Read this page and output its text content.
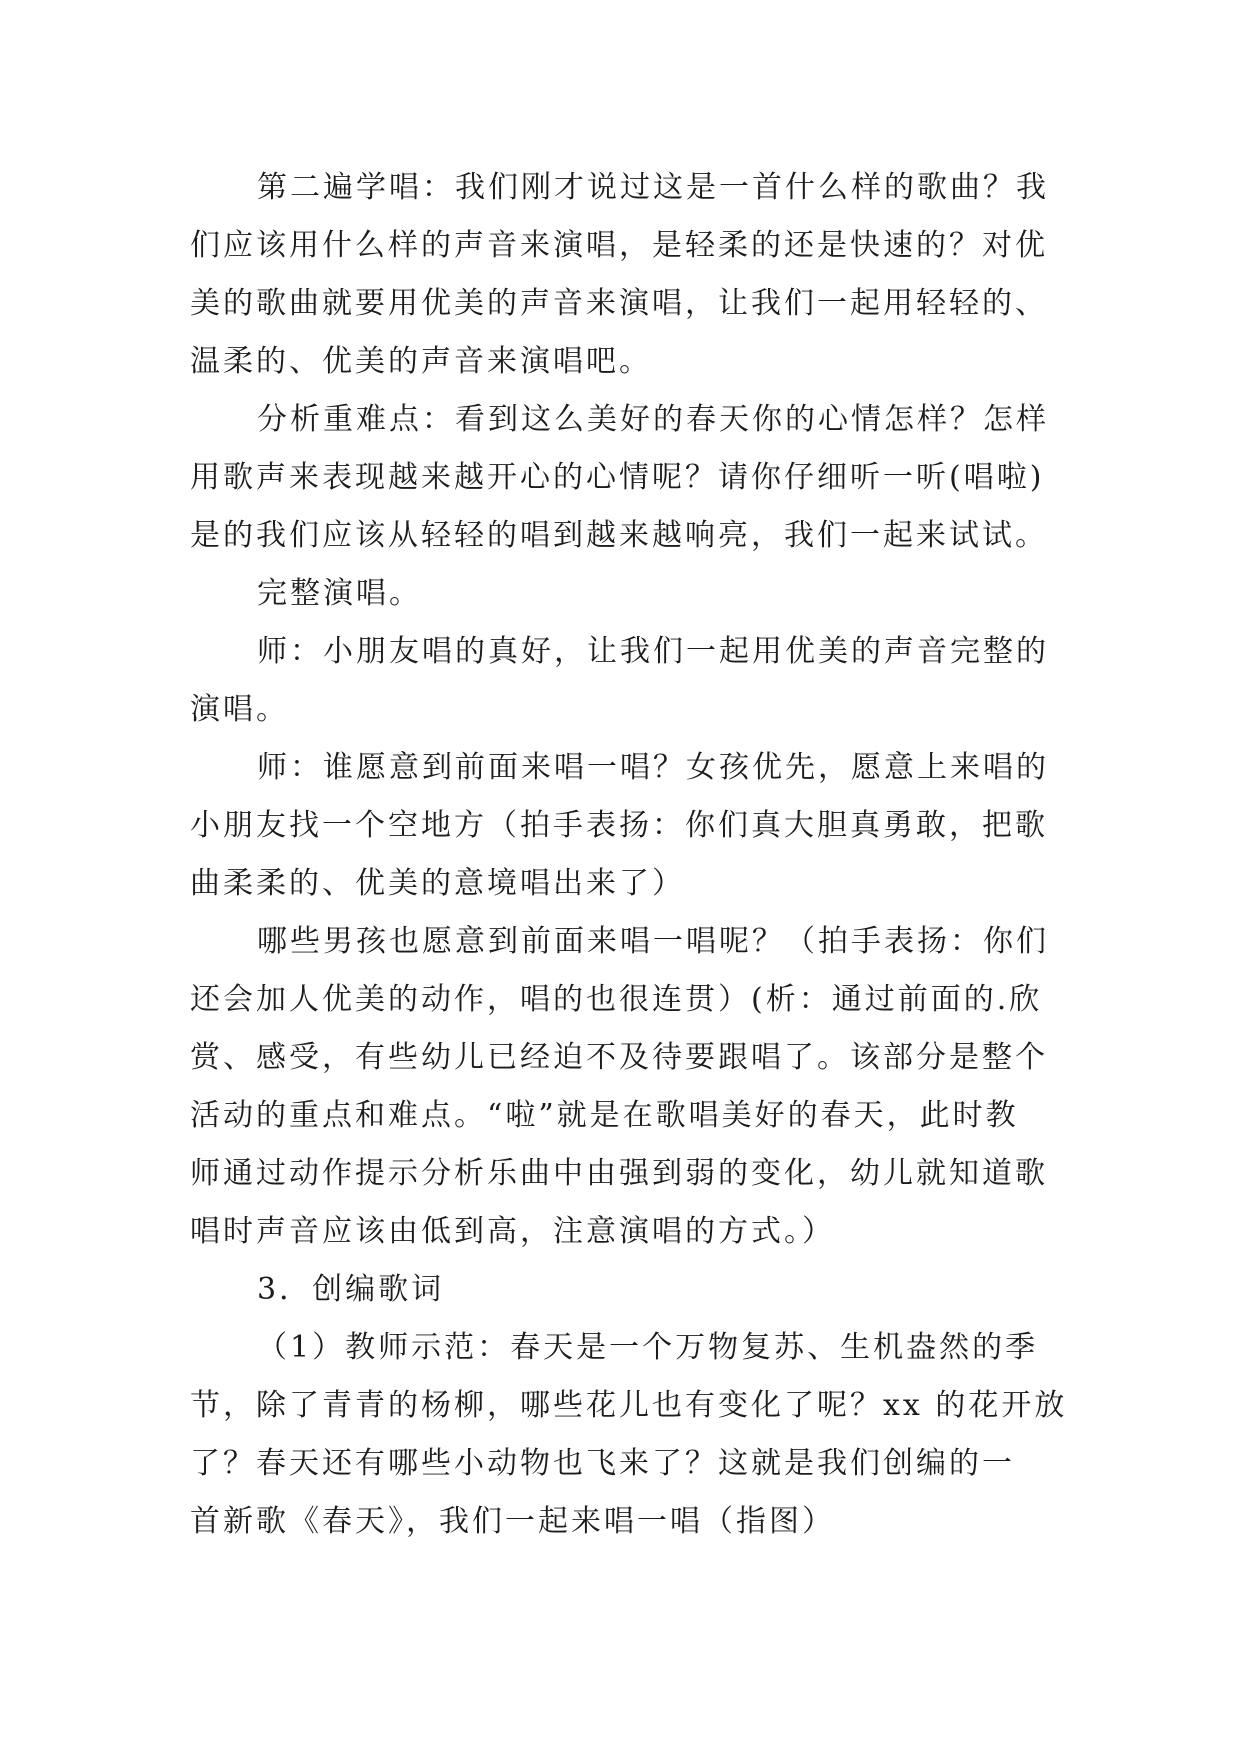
第二遍学唱：我们刚才说过这是一首什么样的歌曲？我
们应该用什么样的声音来演唱，是轻柔的还是快速的？对优
美的歌曲就要用优美的声音来演唱，让我们一起用轻轻的、
温柔的、优美的声音来演唱吧。
分析重难点：看到这么美好的春天你的心情怎样？怎样
用歌声来表现越来越开心的心情呢？请你仔细听一听(唱啦)
是的我们应该从轻轻的唱到越来越响亮，我们一起来试试。
完整演唱。
师：小朋友唱的真好，让我们一起用优美的声音完整的
演唱。
师：谁愿意到前面来唱一唱？女孩优先，愿意上来唱的
小朋友找一个空地方（拍手表扬：你们真大胆真勇敢，把歌
曲柔柔的、优美的意境唱出来了）
哪些男孩也愿意到前面来唱一唱呢？（拍手表扬：你们
还会加人优美的动作，唱的也很连贯）(析：通过前面的.欣
赏、感受，有些幼儿已经迫不及待要跟唱了。该部分是整个
活动的重点和难点。“啦”就是在歌唱美好的春天，此时教
师通过动作提示分析乐曲中由强到弱的变化，幼儿就知道歌
唱时声音应该由低到高，注意演唱的方式。）
3．创编歌词
（1）教师示范：春天是一个万物复苏、生机盎然的季
节，除了青青的杨柳，哪些花儿也有变化了呢？xx 的花开放
了？春天还有哪些小动物也飞来了？这就是我们创编的一
首新歌《春天》，我们一起来唱一唱（指图）
